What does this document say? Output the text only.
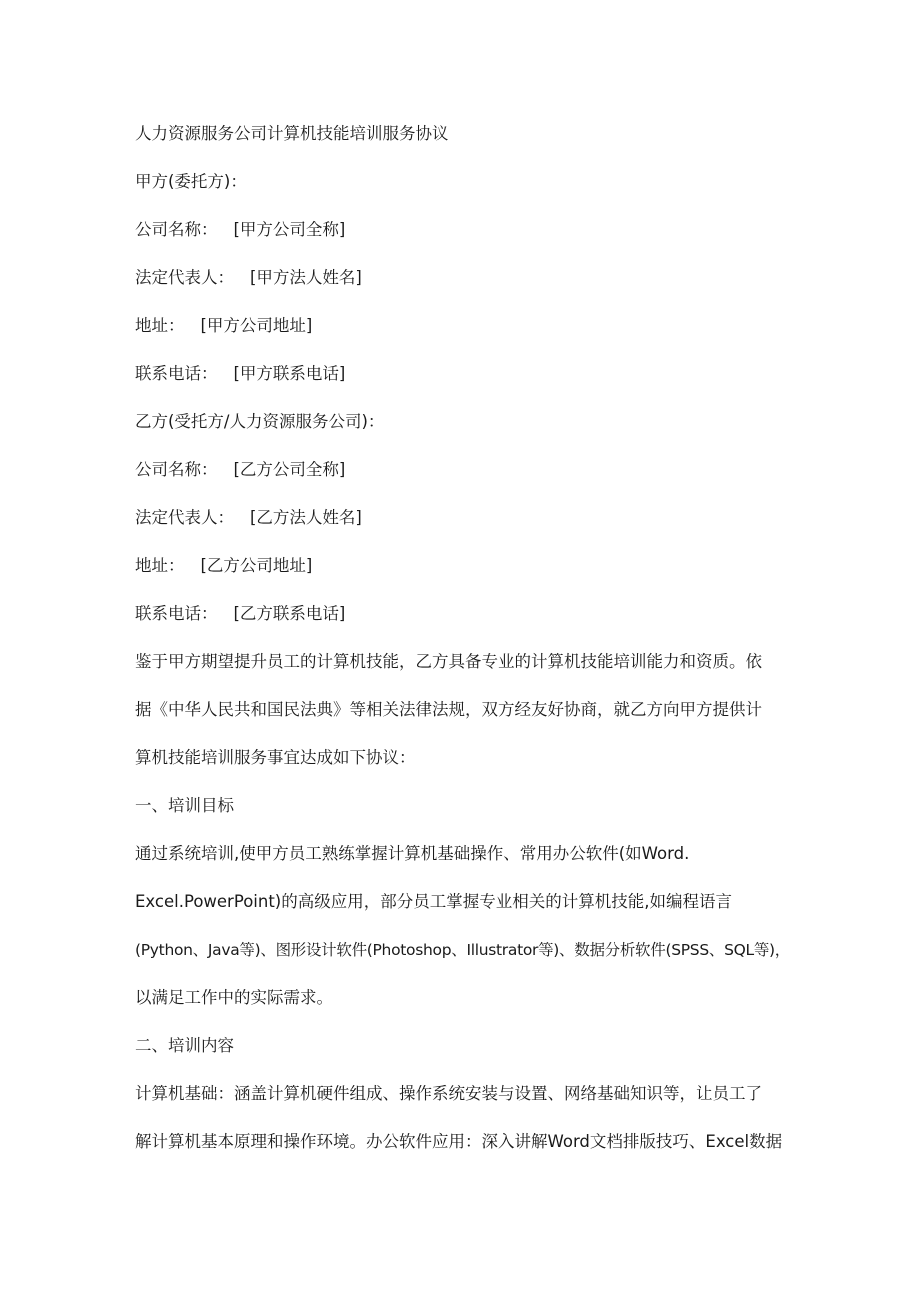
人力资源服务公司计算机技能培训服务协议
甲方(委托方)：
公司名称： [甲方公司全称]
法定代表人： [甲方法人姓名]
地址： [甲方公司地址]
联系电话： [甲方联系电话]
乙方(受托方/人力资源服务公司)：
公司名称： [乙方公司全称]
法定代表人： [乙方法人姓名]
地址： [乙方公司地址]
联系电话： [乙方联系电话]
鉴于甲方期望提升员工的计算机技能，乙方具备专业的计算机技能培训能力和资质。依
据《中华人民共和国民法典》等相关法律法规，双方经友好协商，就乙方向甲方提供计
算机技能培训服务事宜达成如下协议：
一、培训目标
通过系统培训,使甲方员工熟练掌握计算机基础操作、常用办公软件(如Word.
Excel.PowerPoint)的高级应用，部分员工掌握专业相关的计算机技能,如编程语言
(Python、Java等)、图形设计软件(Photoshop、Illustrator等)、数据分析软件(SPSS、SQL等)，
以满足工作中的实际需求。
二、培训内容
计算机基础：涵盖计算机硬件组成、操作系统安装与设置、网络基础知识等，让员工了
解计算机基本原理和操作环境。办公软件应用：深入讲解Word文档排版技巧、Excel数据
